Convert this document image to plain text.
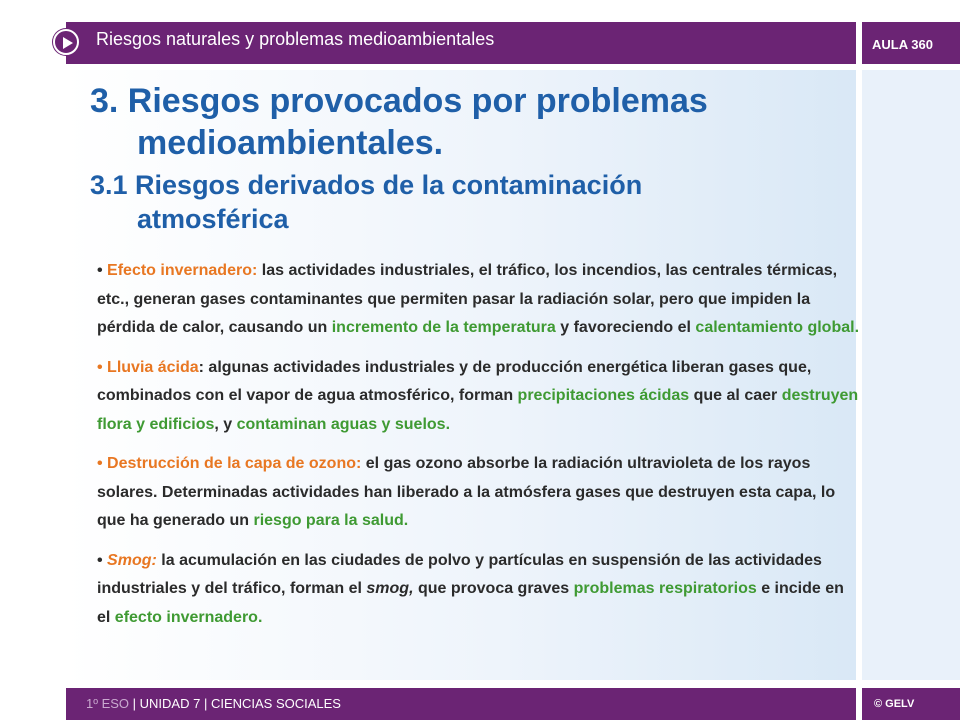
Riesgos naturales y problemas medioambientales	AULA 360
3. Riesgos provocados por problemas
medioambientales.
3.1 Riesgos derivados de la contaminación
atmosférica

• Efecto invernadero: las actividades industriales, el tráfico, los incendios, las centrales térmicas, etc., generan gases contaminantes que permiten pasar la radiación solar, pero que impiden la pérdida de calor, causando un incremento de la temperatura y favoreciendo el calentamiento global.

• Lluvia ácida: algunas actividades industriales y de producción energética liberan gases que, combinados con el vapor de agua atmosférico, forman precipitaciones ácidas que al caer destruyen flora y edificios, y contaminan aguas y suelos.

• Destrucción de la capa de ozono: el gas ozono absorbe la radiación ultravioleta de los rayos solares. Determinadas actividades han liberado a la atmósfera gases que destruyen esta capa, lo que ha generado un riesgo para la salud.

• Smog: la acumulación en las ciudades de polvo y partículas en suspensión de las actividades industriales y del tráfico, forman el smog, que provoca graves problemas respiratorios e incide en el efecto invernadero.

1º ESO | UNIDAD 7 | CIENCIAS SOCIALES	© GELV
